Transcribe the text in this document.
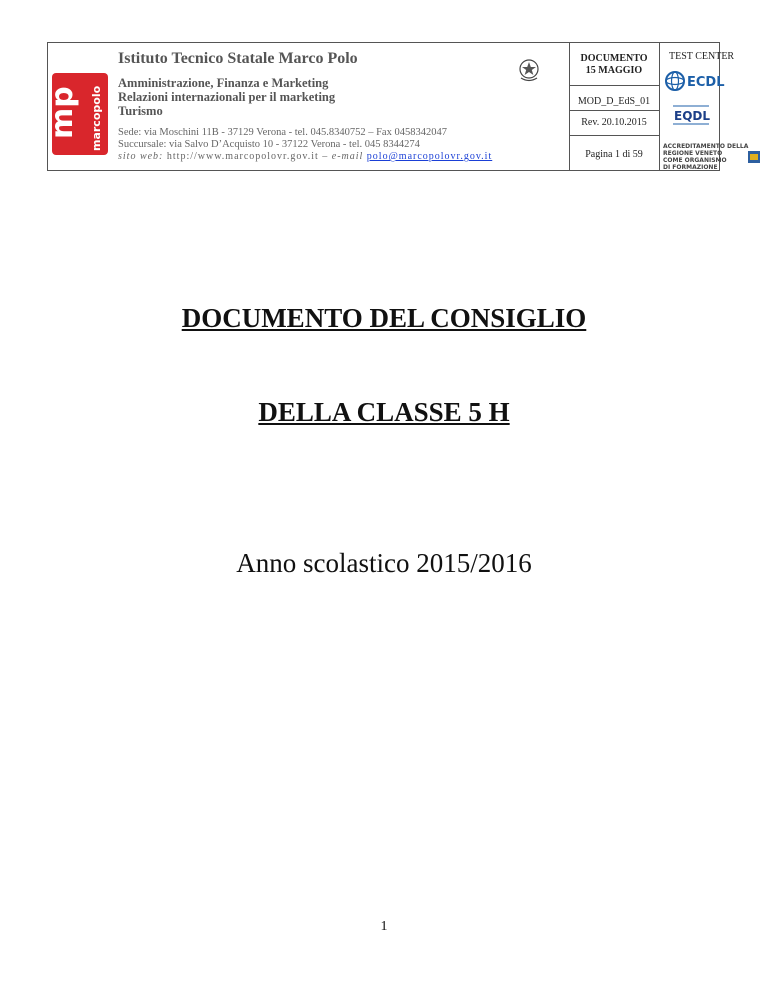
mp marcopolo
Istituto Tecnico Statale Marco Polo
Amministrazione, Finanza e Marketing
Relazioni internazionali per il marketing
Turismo
Sede: via Moschini 11B - 37129 Verona - tel. 045.8340752 – Fax 0458342047
Succursale: via Salvo D’Acquisto 10 - 37122 Verona - tel. 045 8344274
sito web: http://www.marcopolovr.gov.it – e-mail polo@marcopolovr.gov.it
DOCUMENTO 15 MAGGIO
MOD_D_EdS_01
Rev. 20.10.2015
Pagina 1 di 59
TEST CENTER
ECDL
EQDL
ACCREDITAMENTO DELLA
REGIONE VENETO
COME ORGANISMO
DI FORMAZIONE
DOCUMENTO DEL CONSIGLIO
DELLA CLASSE 5 H
Anno scolastico 2015/2016
1
